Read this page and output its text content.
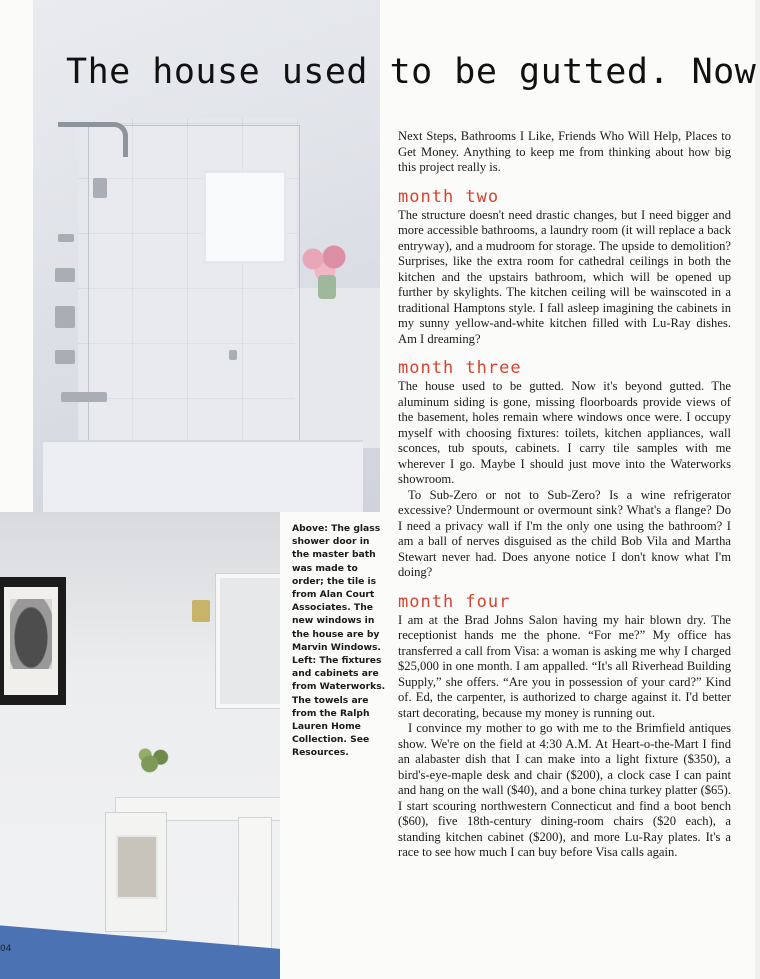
04
The house used to be gutted. Now

Above: The glass shower door in the master bath was made to order; the tile is from Alan Court Associates. The new windows in the house are by Marvin Windows. Left: The fixtures and cabinets are from Waterworks. The towels are from the Ralph Lauren Home Collection. See Resources.

Next Steps, Bathrooms I Like, Friends Who Will Help, Places to Get Money. Anything to keep me from thinking about how big this project really is.

month two

The structure doesn't need drastic changes, but I need bigger and more accessible bathrooms, a laundry room (it will replace a back entryway), and a mudroom for storage. The upside to demolition? Surprises, like the extra room for cathedral ceilings in both the kitchen and the upstairs bathroom, which will be opened up further by skylights. The kitchen ceiling will be wainscoted in a traditional Hamptons style. I fall asleep imagining the cabinets in my sunny yellow-and-white kitchen filled with Lu-Ray dishes. Am I dreaming?

month three

The house used to be gutted. Now it's beyond gutted. The aluminum siding is gone, missing floorboards provide views of the basement, holes remain where windows once were. I occupy myself with choosing fixtures: toilets, kitchen appliances, wall sconces, tub spouts, cabinets. I carry tile samples with me wherever I go. Maybe I should just move into the Waterworks showroom.

To Sub-Zero or not to Sub-Zero? Is a wine refrigerator excessive? Undermount or overmount sink? What's a flange? Do I need a privacy wall if I'm the only one using the bathroom? I am a ball of nerves disguised as the child Bob Vila and Martha Stewart never had. Does anyone notice I don't know what I'm doing?

month four

I am at the Brad Johns Salon having my hair blown dry. The receptionist hands me the phone. “For me?” My office has transferred a call from Visa: a woman is asking me why I charged $25,000 in one month. I am appalled. “It's all Riverhead Building Supply,” she offers. “Are you in possession of your card?” Kind of. Ed, the carpenter, is authorized to charge against it. I'd better start decorating, because my money is running out.

I convince my mother to go with me to the Brimfield antiques show. We're on the field at 4:30 A.M. At Heart-o-the-Mart I find an alabaster dish that I can make into a light fixture ($350), a bird's-eye-maple desk and chair ($200), a clock case I can paint and hang on the wall ($40), and a bone china turkey platter ($65). I start scouring northwestern Connecticut and find a boot bench ($60), five 18th-century dining-room chairs ($20 each), a standing kitchen cabinet ($200), and more Lu-Ray plates. It's a race to see how much I can buy before Visa calls again.
